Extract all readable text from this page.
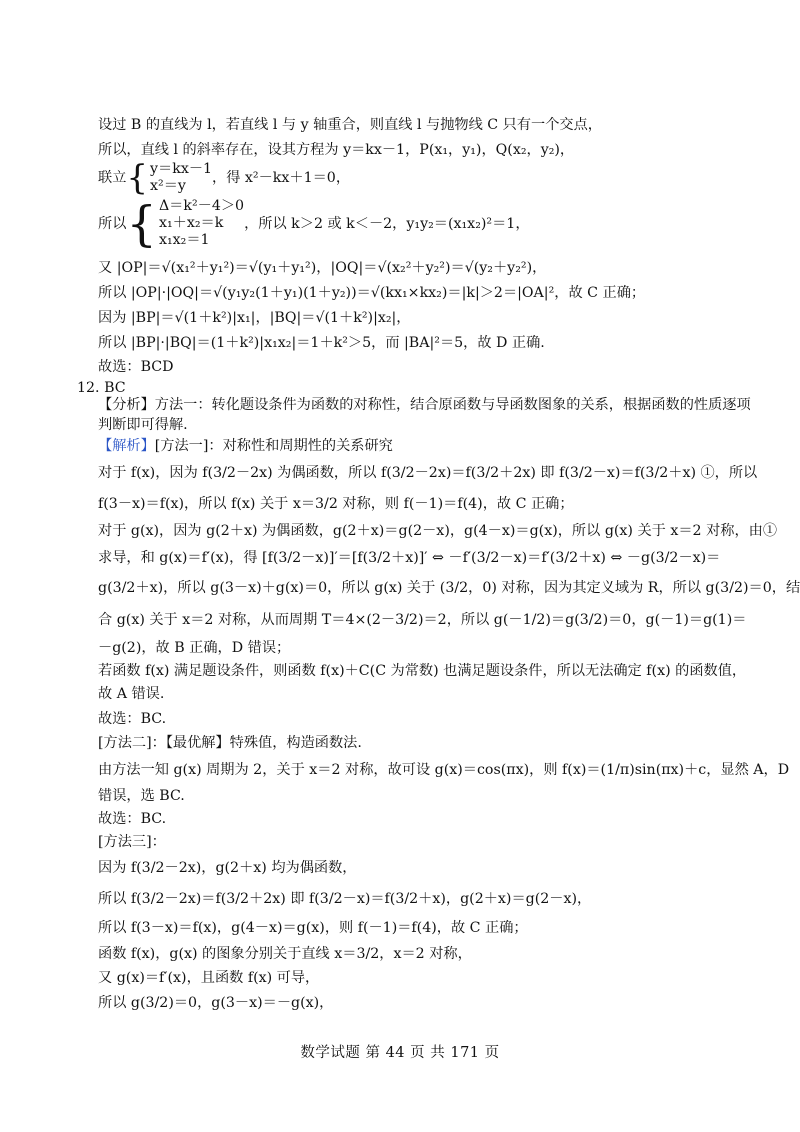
设过 B 的直线为 l，若直线 l 与 y 轴重合，则直线 l 与抛物线 C 只有一个交点，
所以，直线 l 的斜率存在，设其方程为 y＝kx－1，P(x₁，y₁)，Q(x₂，y₂)，
联立 { y＝kx－1
x²＝y	，得 x²－kx＋1＝0，
所以 { Δ＝k²－4＞0
x₁＋x₂＝k
x₁x₂＝1
，所以 k＞2 或 k＜－2，y₁y₂＝(x₁x₂)²＝1，
又 |OP|＝√(x₁²＋y₁²)＝√(y₁＋y₁²)，|OQ|＝√(x₂²＋y₂²)＝√(y₂＋y₂²)，
所以 |OP|·|OQ|＝√(y₁y₂(1＋y₁)(1＋y₂))＝√(kx₁×kx₂)＝|k|＞2＝|OA|²，故 C 正确；
因为 |BP|＝√(1＋k²)|x₁|，|BQ|＝√(1＋k²)|x₂|，
所以 |BP|·|BQ|＝(1＋k²)|x₁x₂|＝1＋k²＞5，而 |BA|²＝5，故 D 正确.
故选：BCD
12. BC
【分析】方法一：转化题设条件为函数的对称性，结合原函数与导函数图象的关系，根据函数的性质逐项
判断即可得解.
【解析】[方法一]：对称性和周期性的关系研究
对于 f(x)，因为 f(3/2－2x) 为偶函数，所以 f(3/2－2x)＝f(3/2＋2x) 即 f(3/2－x)＝f(3/2＋x) ①，所以
f(3－x)＝f(x)，所以 f(x) 关于 x＝3/2 对称，则 f(－1)＝f(4)，故 C 正确；
对于 g(x)，因为 g(2＋x) 为偶函数，g(2＋x)＝g(2－x)，g(4－x)＝g(x)，所以 g(x) 关于 x＝2 对称，由①
求导，和 g(x)＝f′(x)，得 [f(3/2－x)]′＝[f(3/2＋x)]′ ⇔ －f′(3/2－x)＝f′(3/2＋x) ⇔ －g(3/2－x)＝
g(3/2＋x)，所以 g(3－x)＋g(x)＝0，所以 g(x) 关于 (3/2，0) 对称，因为其定义域为 R，所以 g(3/2)＝0，结
合 g(x) 关于 x＝2 对称，从而周期 T＝4×(2－3/2)＝2，所以 g(－1/2)＝g(3/2)＝0，g(－1)＝g(1)＝
－g(2)，故 B 正确，D 错误；
若函数 f(x) 满足题设条件，则函数 f(x)＋C(C 为常数) 也满足题设条件，所以无法确定 f(x) 的函数值，
故 A 错误.
故选：BC.
[方法二]：【最优解】特殊值，构造函数法.
由方法一知 g(x) 周期为 2，关于 x＝2 对称，故可设 g(x)＝cos(πx)，则 f(x)＝(1/π)sin(πx)＋c，显然 A，D
错误，选 BC.
故选：BC.
[方法三]：
因为 f(3/2－2x)，g(2＋x) 均为偶函数，
所以 f(3/2－2x)＝f(3/2＋2x) 即 f(3/2－x)＝f(3/2＋x)，g(2＋x)＝g(2－x)，
所以 f(3－x)＝f(x)，g(4－x)＝g(x)，则 f(－1)＝f(4)，故 C 正确；
函数 f(x)，g(x) 的图象分别关于直线 x＝3/2，x＝2 对称，
又 g(x)＝f′(x)，且函数 f(x) 可导，
所以 g(3/2)＝0，g(3－x)＝－g(x)，
数学试题 第 44 页 共 171 页
